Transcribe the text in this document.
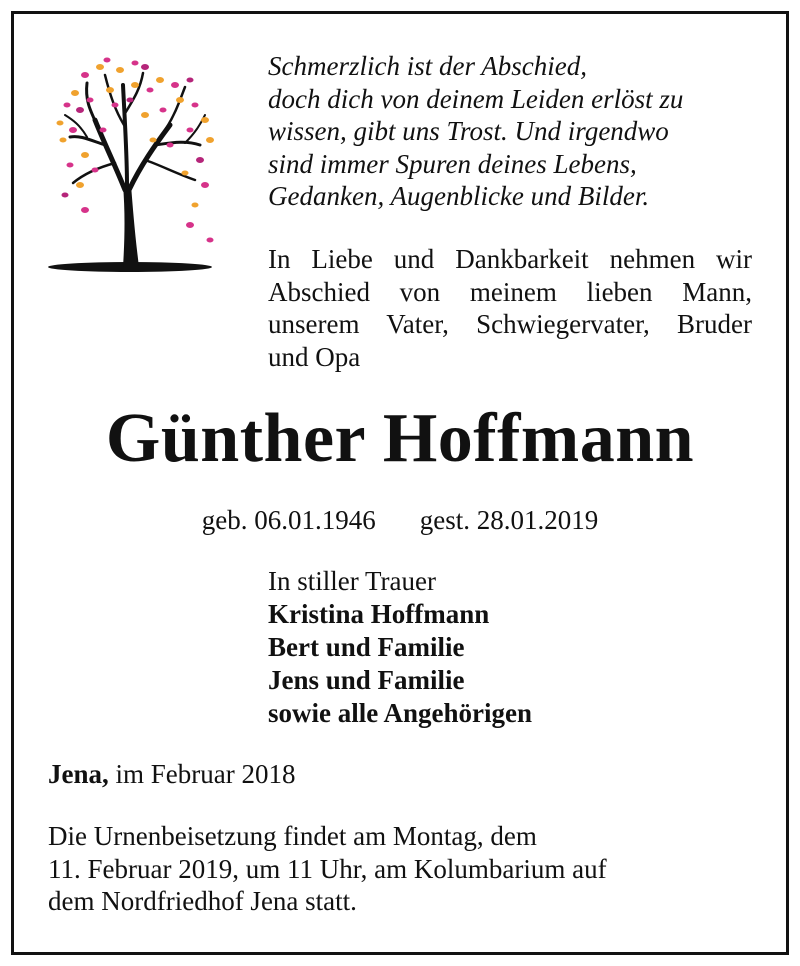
Schmerzlich ist der Abschied,
doch dich von deinem Leiden erlöst zu
wissen, gibt uns Trost. Und irgendwo
sind immer Spuren deines Lebens,
Gedanken, Augenblicke und Bilder.
In Liebe und Dankbarkeit nehmen wir
Abschied von meinem lieben Mann,
unserem Vater, Schwiegervater, Bruder
und Opa
Günther Hoffmann
geb. 06.01.1946 gest. 28.01.2019
In stiller Trauer
Kristina Hoffmann
Bert und Familie
Jens und Familie
sowie alle Angehörigen
Jena, im Februar 2018
Die Urnenbeisetzung findet am Montag, dem
11. Februar 2019, um 11 Uhr, am Kolumbarium auf
dem Nordfriedhof Jena statt.
